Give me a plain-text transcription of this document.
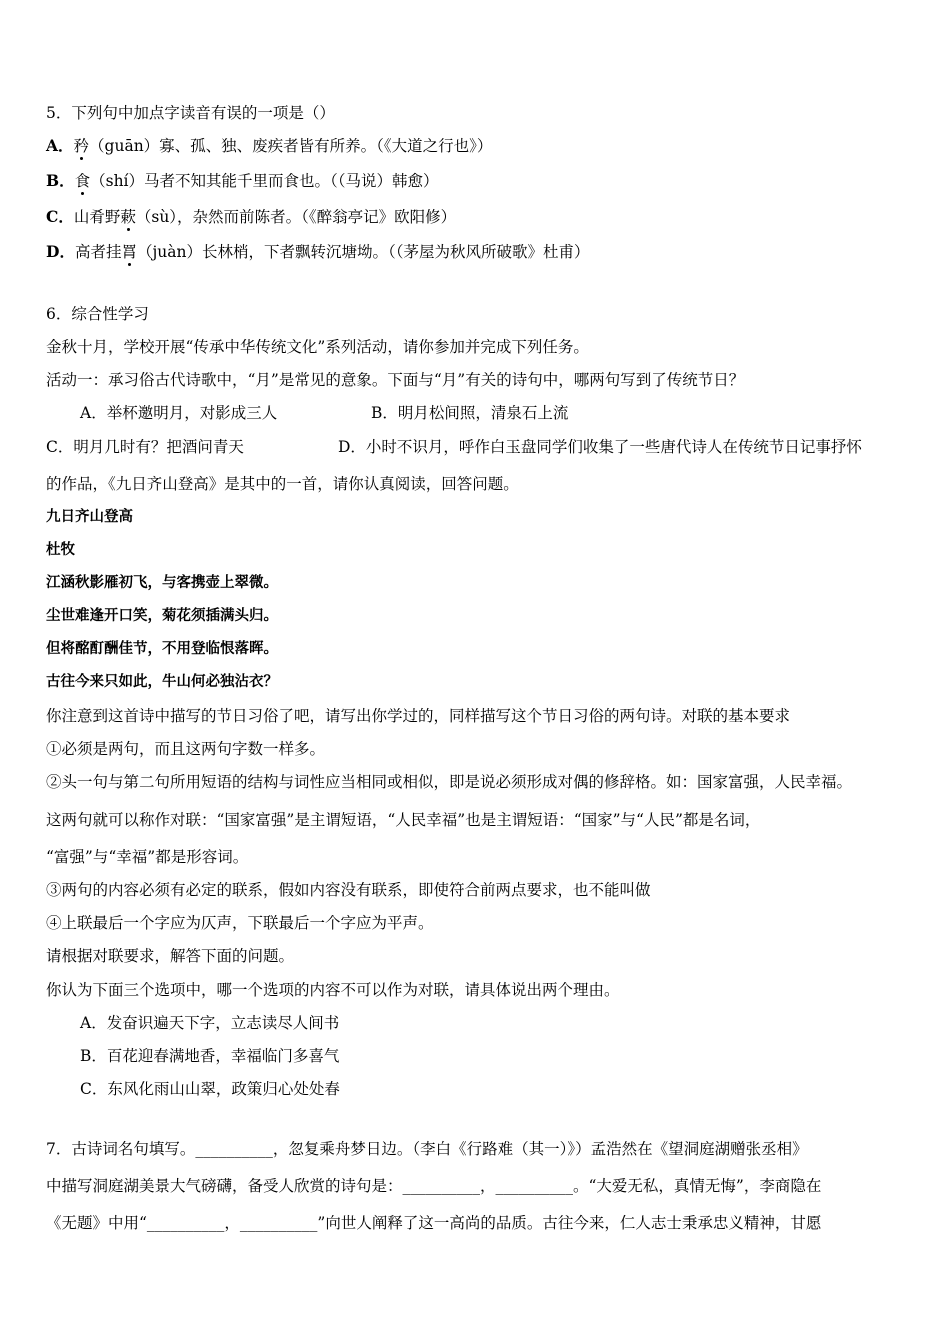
5．下列句中加点字读音有误的一项是（）
A．矜（guān）寡、孤、独、废疾者皆有所养。（《大道之行也》）
B．食（shí）马者不知其能千里而食也。（（马说）韩愈）
C．山肴野蔌（sù），杂然而前陈者。（《醉翁亭记》欧阳修）
D．高者挂罥（juàn）长林梢，下者飘转沉塘坳。（（茅屋为秋风所破歌》杜甫）
6．综合性学习
金秋十月，学校开展“传承中华传统文化”系列活动，请你参加并完成下列任务。
活动一：承习俗古代诗歌中，“月”是常见的意象。下面与“月”有关的诗句中，哪两句写到了传统节日？
A．举杯邀明月，对影成三人	B．明月松间照，清泉石上流
C．明月几时有？把酒问青天	D．小时不识月，呼作白玉盘同学们收集了一些唐代诗人在传统节日记事抒怀
的作品，《九日齐山登高》是其中的一首，请你认真阅读，回答问题。
九日齐山登高
杜牧
江涵秋影雁初飞，与客携壶上翠微。
尘世难逢开口笑，菊花须插满头归。
但将酩酊酬佳节，不用登临恨落晖。
古往今来只如此，牛山何必独沾衣？
你注意到这首诗中描写的节日习俗了吧，请写出你学过的，同样描写这个节日习俗的两句诗。对联的基本要求
①必须是两句，而且这两句字数一样多。
②头一句与第二句所用短语的结构与词性应当相同或相似，即是说必须形成对偶的修辞格。如：国家富强，人民幸福。
这两句就可以称作对联：“国家富强”是主谓短语，“人民幸福”也是主谓短语：“国家”与“人民”都是名词，
“富强”与“幸福”都是形容词。
③两句的内容必须有必定的联系，假如内容没有联系，即使符合前两点要求，也不能叫做
④上联最后一个字应为仄声，下联最后一个字应为平声。
请根据对联要求，解答下面的问题。
你认为下面三个选项中，哪一个选项的内容不可以作为对联，请具体说出两个理由。
A．发奋识遍天下字，立志读尽人间书
B．百花迎春满地香，幸福临门多喜气
C．东风化雨山山翠，政策归心处处春
7．古诗词名句填写。__________，忽复乘舟梦日边。（李白《行路难（其一）》）孟浩然在《望洞庭湖赠张丞相》
中描写洞庭湖美景大气磅礴，备受人欣赏的诗句是：__________，__________。“大爱无私，真情无悔”，李商隐在
《无题》中用“__________，__________”向世人阐释了这一高尚的品质。古往今来，仁人志士秉承忠义精神，甘愿
